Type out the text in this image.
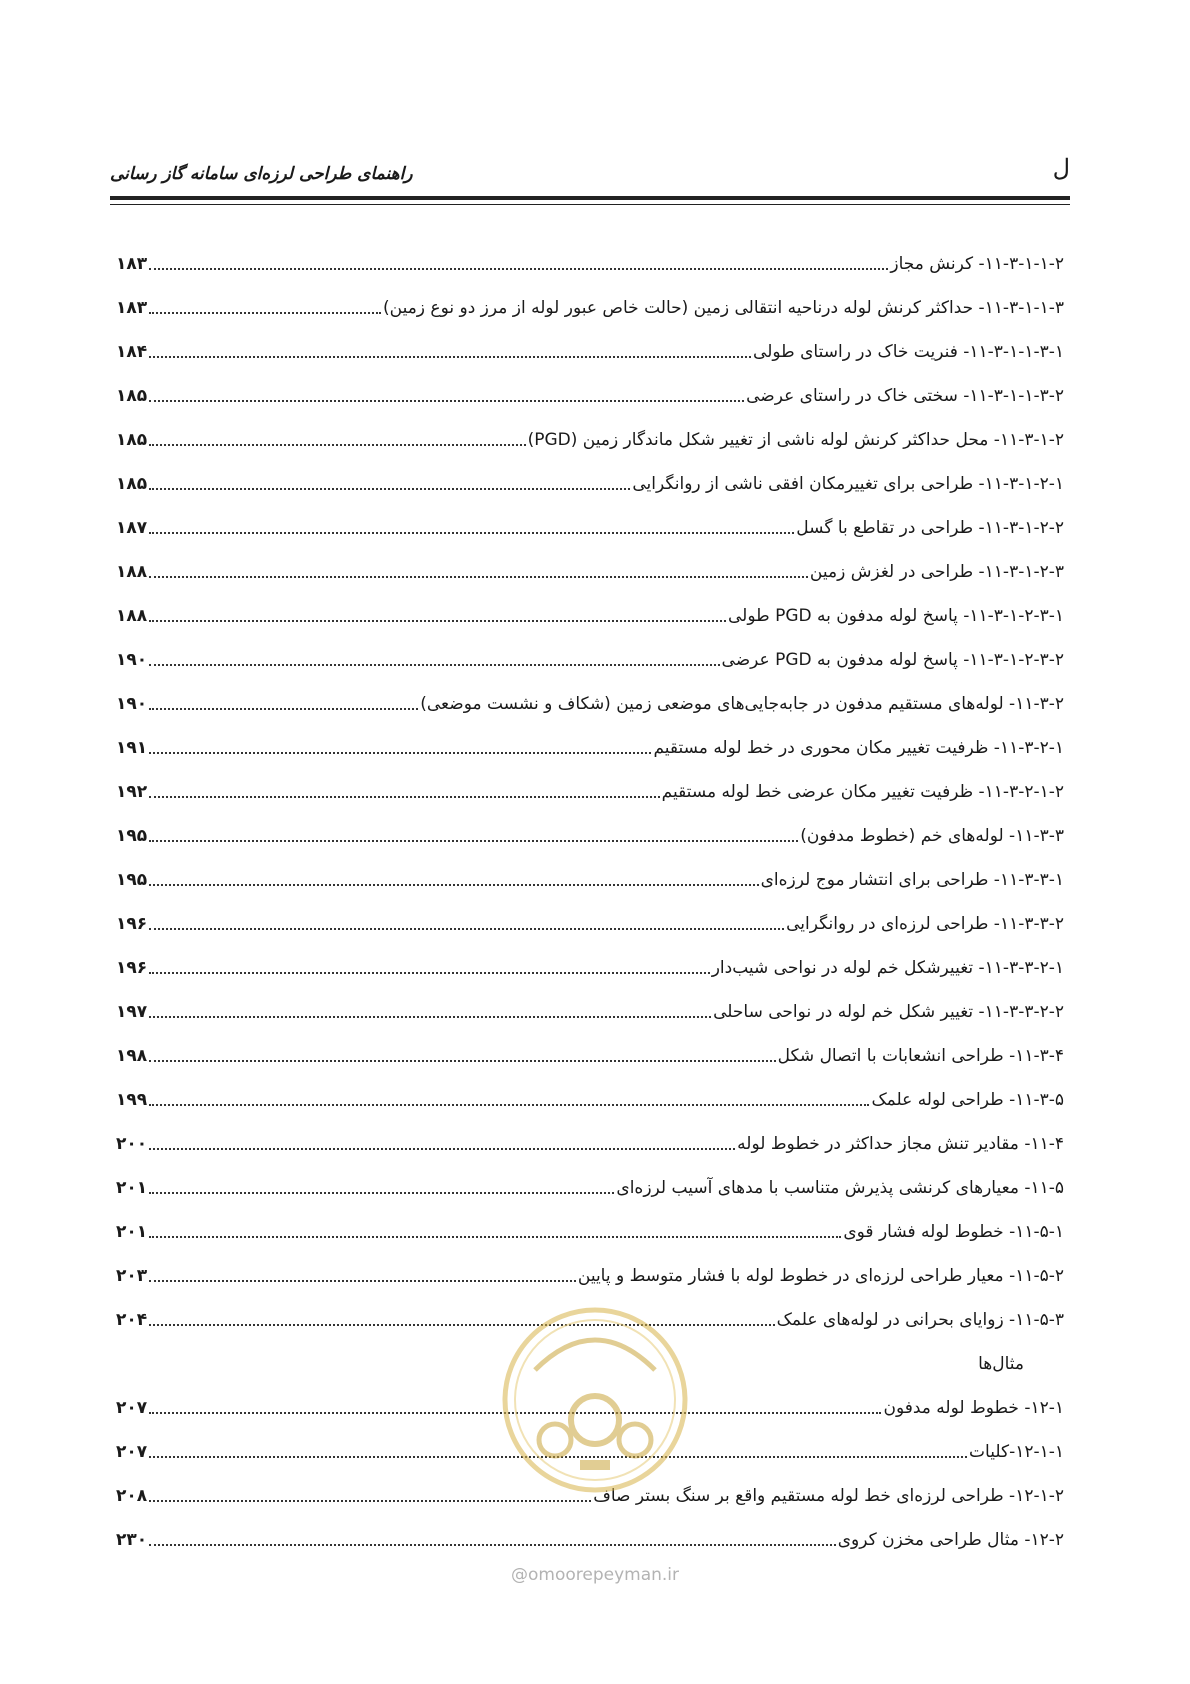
ل
راهنمای طراحی لرزه‌ای سامانه گاز رسانی
۱۱-۳-۱-۱-۲- کرنش مجاز
۱۸۳
۱۱-۳-۱-۱-۳- حداکثر کرنش لوله درناحیه انتقالی زمین (حالت خاص عبور لوله از مرز دو نوع زمین)
۱۸۳
۱۱-۳-۱-۱-۳-۱- فنریت خاک در راستای طولی
۱۸۴
۱۱-۳-۱-۱-۳-۲- سختی خاک در راستای عرضی
۱۸۵
۱۱-۳-۱-۲- محل حداکثر کرنش لوله ناشی از تغییر شکل ماندگار زمین (PGD)
۱۸۵
۱۱-۳-۱-۲-۱- طراحی برای تغییرمکان افقی ناشی از روانگرایی
۱۸۵
۱۱-۳-۱-۲-۲- طراحی در تقاطع با گسل
۱۸۷
۱۱-۳-۱-۲-۳- طراحی در لغزش زمین
۱۸۸
۱۱-۳-۱-۲-۳-۱- پاسخ لوله مدفون به PGD طولی
۱۸۸
۱۱-۳-۱-۲-۳-۲- پاسخ لوله مدفون به PGD عرضی
۱۹۰
۱۱-۳-۲- لوله‌های مستقیم مدفون در جابه‌جایی‌های موضعی زمین (شکاف و نشست موضعی)
۱۹۰
۱۱-۳-۲-۱- ظرفیت تغییر مکان محوری در خط لوله مستقیم
۱۹۱
۱۱-۳-۲-۱-۲- ظرفیت تغییر مکان عرضی خط لوله مستقیم
۱۹۲
۱۱-۳-۳- لوله‌های خم (خطوط مدفون)
۱۹۵
۱۱-۳-۳-۱- طراحی برای انتشار موج لرزه‌ای
۱۹۵
۱۱-۳-۳-۲- طراحی لرزه‌ای در روانگرایی
۱۹۶
۱۱-۳-۳-۲-۱- تغییرشکل خم لوله در نواحی شیب‌دار
۱۹۶
۱۱-۳-۳-۲-۲- تغییر شکل خم لوله در نواحی ساحلی
۱۹۷
۱۱-۳-۴- طراحی انشعابات با اتصال شکل
۱۹۸
۱۱-۳-۵- طراحی لوله علمک
۱۹۹
۱۱-۴- مقادیر تنش مجاز حداکثر در خطوط لوله
۲۰۰
۱۱-۵- معیارهای کرنشی پذیرش متناسب با مدهای آسیب لرزه‌ای
۲۰۱
۱۱-۵-۱- خطوط لوله فشار قوی
۲۰۱
۱۱-۵-۲- معیار طراحی لرزه‌ای در خطوط لوله با فشار متوسط و پایین
۲۰۳
۱۱-۵-۳- زوایای بحرانی در لوله‌های علمک
۲۰۴
مثال‌ها
۱۲-۱- خطوط لوله مدفون
۲۰۷
۱۲-۱-۱-کلیات
۲۰۷
۱۲-۱-۲- طراحی لرزه‌ای خط لوله مستقیم واقع بر سنگ بستر صاف
۲۰۸
۱۲-۲- مثال طراحی مخزن کروی
۲۳۰
@omoorepeyman.ir
